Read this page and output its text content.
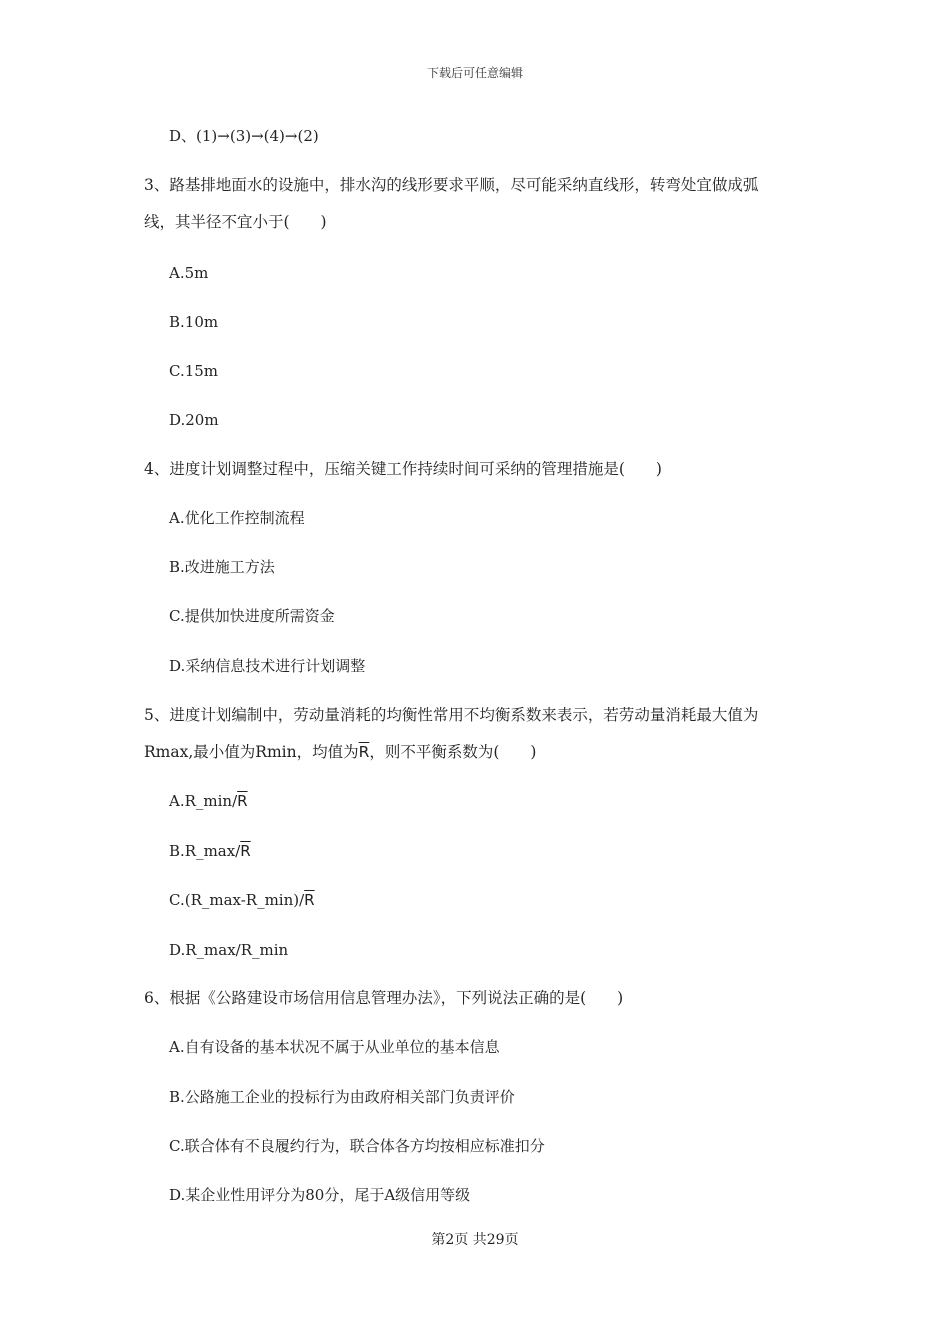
下载后可任意编辑
D、(1)→(3)→(4)→(2)
3、路基排地面水的设施中，排水沟的线形要求平顺，尽可能采纳直线形，转弯处宜做成弧
线，其半径不宜小于(　　)
A.5m
B.10m
C.15m
D.20m
4、进度计划调整过程中，压缩关键工作持续时间可采纳的管理措施是(　　)
A.优化工作控制流程
B.改进施工方法
C.提供加快进度所需资金
D.采纳信息技术进行计划调整
5、进度计划编制中，劳动量消耗的均衡性常用不均衡系数来表示，若劳动量消耗最大值为
Rmax,最小值为Rmin，均值为$\overline{R}$，则不平衡系数为(　　)
$A.R\_\min/\overline{R}$
$B.R\_\max/\overline{R}$
$C.(R\_\max-R\_\min)/\overline{R}$
D.R_max/R_min
6、根据《公路建设市场信用信息管理办法》，下列说法正确的是(　　)
A.自有设备的基本状况不属于从业单位的基本信息
B.公路施工企业的投标行为由政府相关部门负责评价
C.联合体有不良履约行为，联合体各方均按相应标准扣分
D.某企业性用评分为80分，尾于A级信用等级
第2页 共29页
